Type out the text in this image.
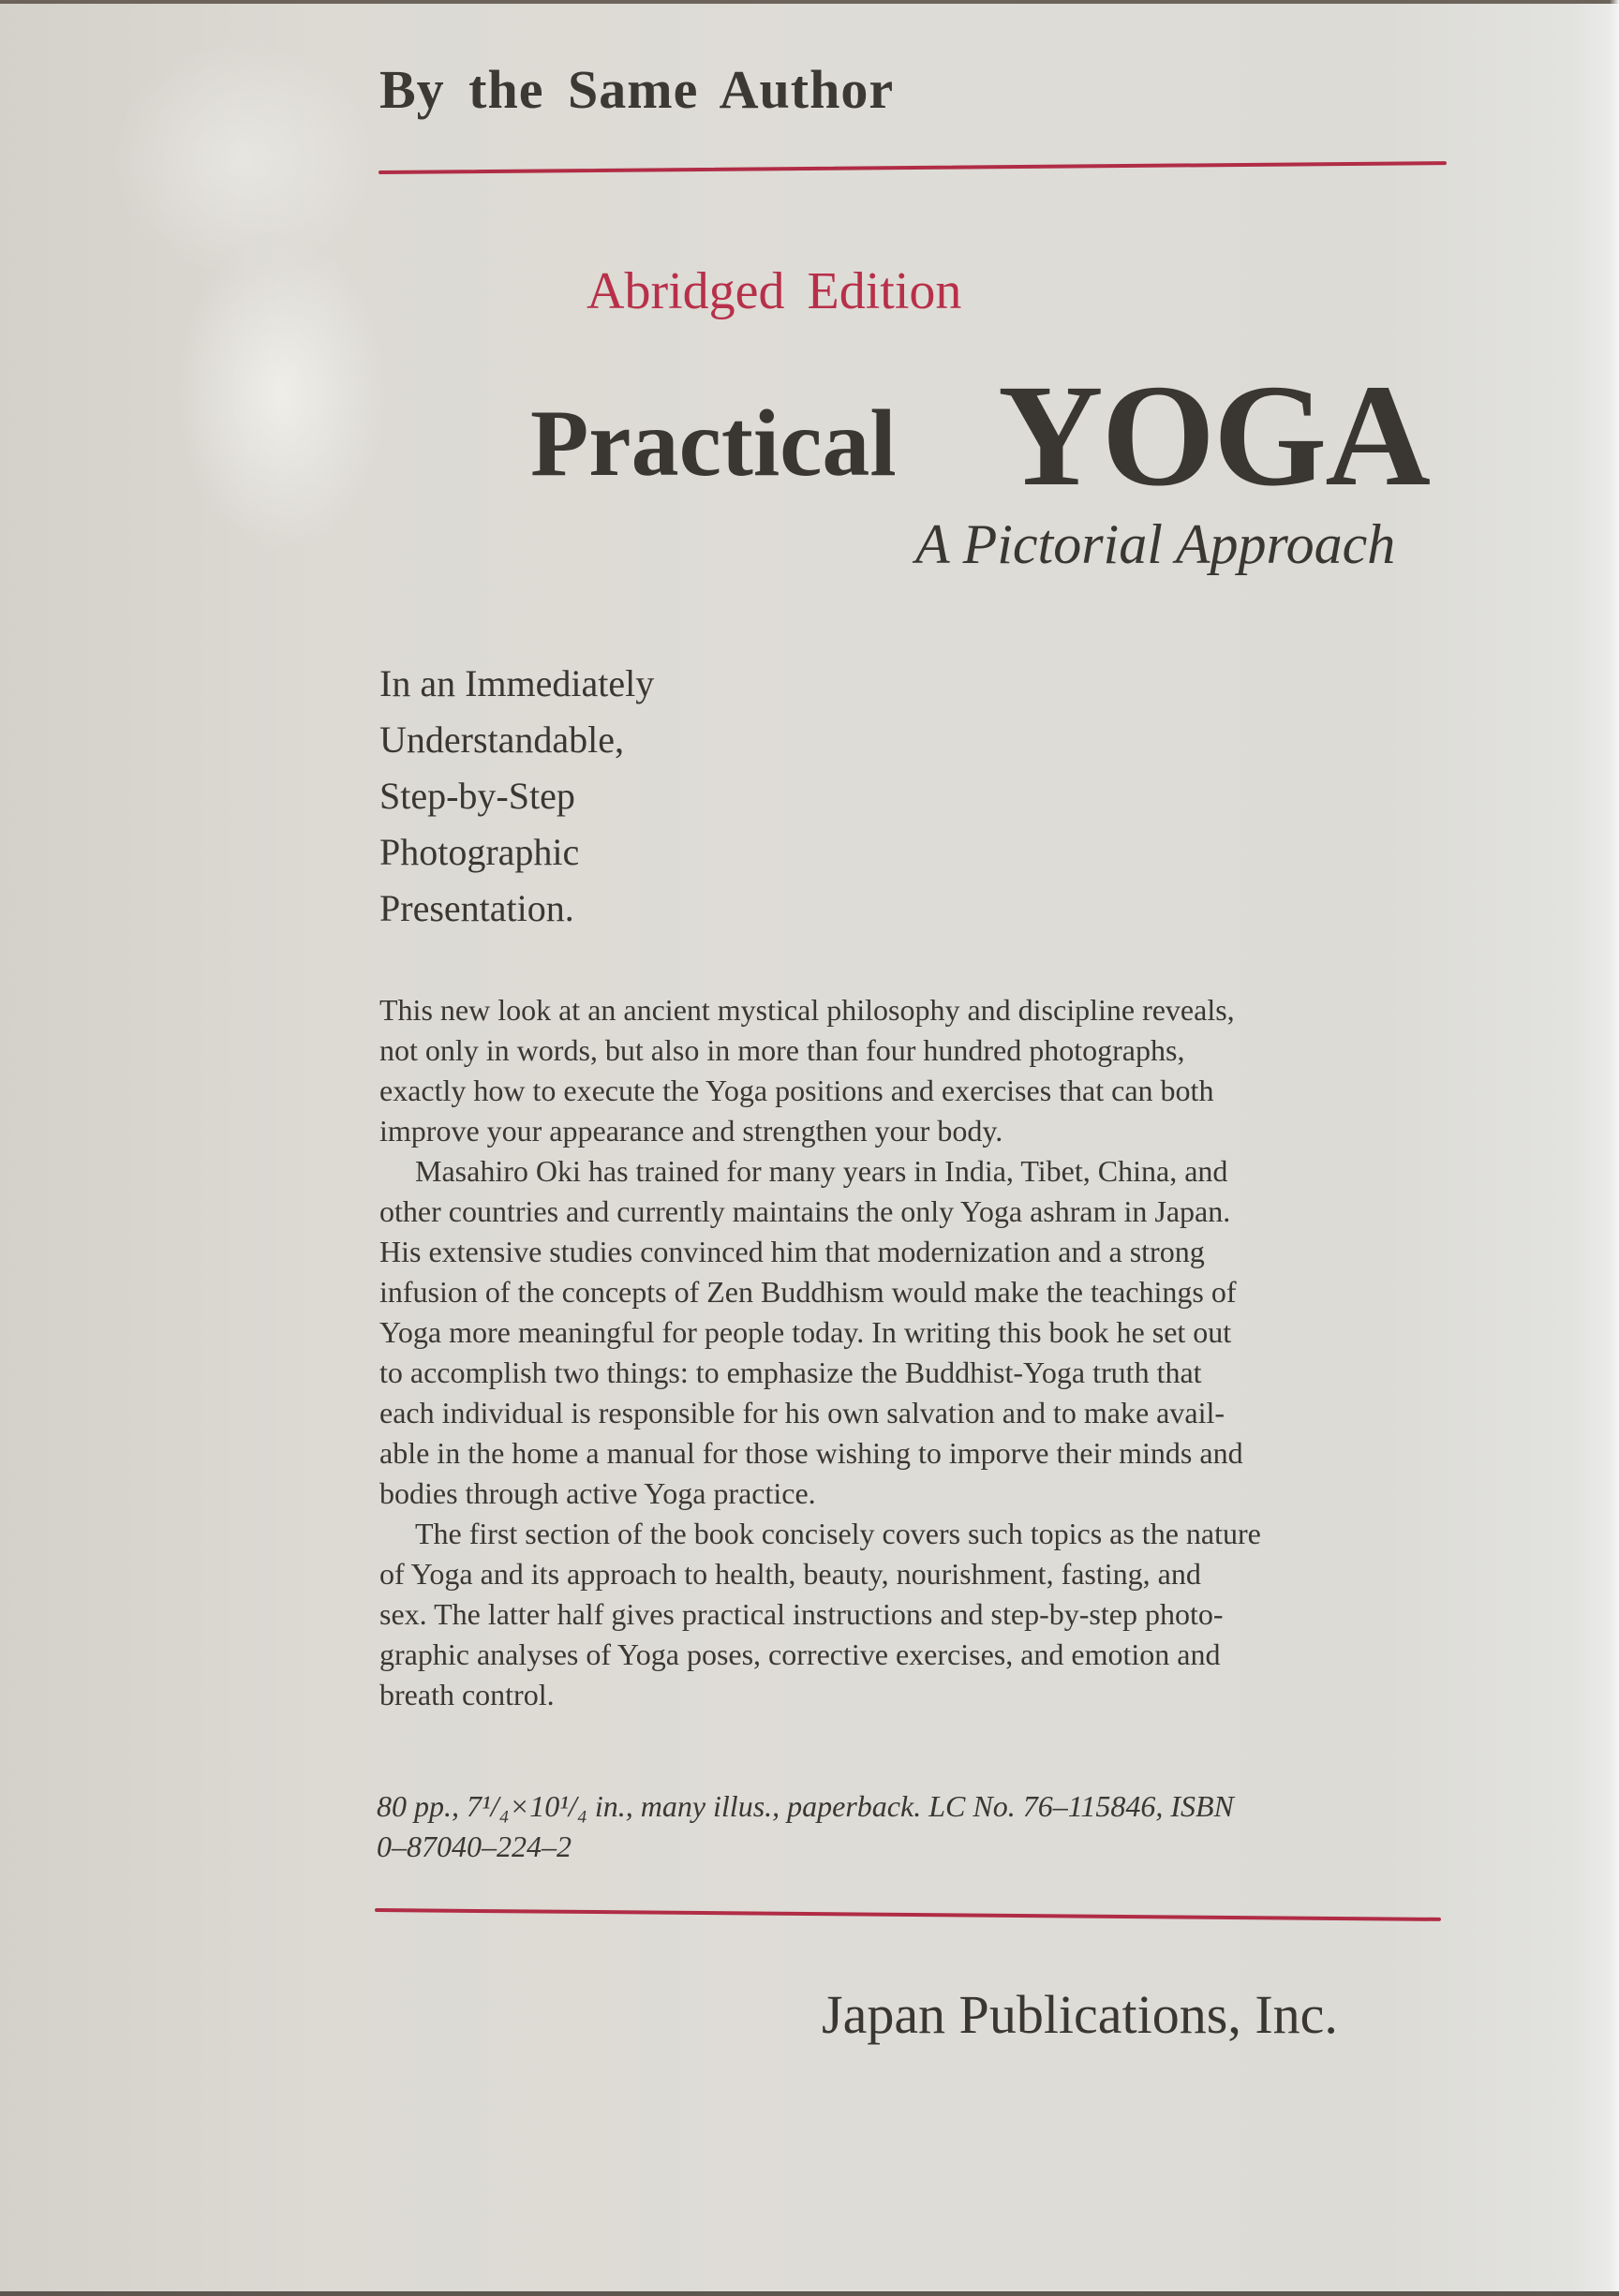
By the Same Author
Abridged Edition
Practical YOGA
A Pictorial Approach
In an Immediately
Understandable,
Step-by-Step
Photographic
Presentation.
This new look at an ancient mystical philosophy and discipline reveals,
not only in words, but also in more than four hundred photographs,
exactly how to execute the Yoga positions and exercises that can both
improve your appearance and strengthen your body.
Masahiro Oki has trained for many years in India, Tibet, China, and
other countries and currently maintains the only Yoga ashram in Japan.
His extensive studies convinced him that modernization and a strong
infusion of the concepts of Zen Buddhism would make the teachings of
Yoga more meaningful for people today. In writing this book he set out
to accomplish two things: to emphasize the Buddhist-Yoga truth that
each individual is responsible for his own salvation and to make avail-
able in the home a manual for those wishing to imporve their minds and
bodies through active Yoga practice.
The first section of the book concisely covers such topics as the nature
of Yoga and its approach to health, beauty, nourishment, fasting, and
sex. The latter half gives practical instructions and step-by-step photo-
graphic analyses of Yoga poses, corrective exercises, and emotion and
breath control.
80 pp., 7¹/₄×10¹/₄ in., many illus., paperback. LC No. 76–115846, ISBN
0–87040–224–2
Japan Publications, Inc.
